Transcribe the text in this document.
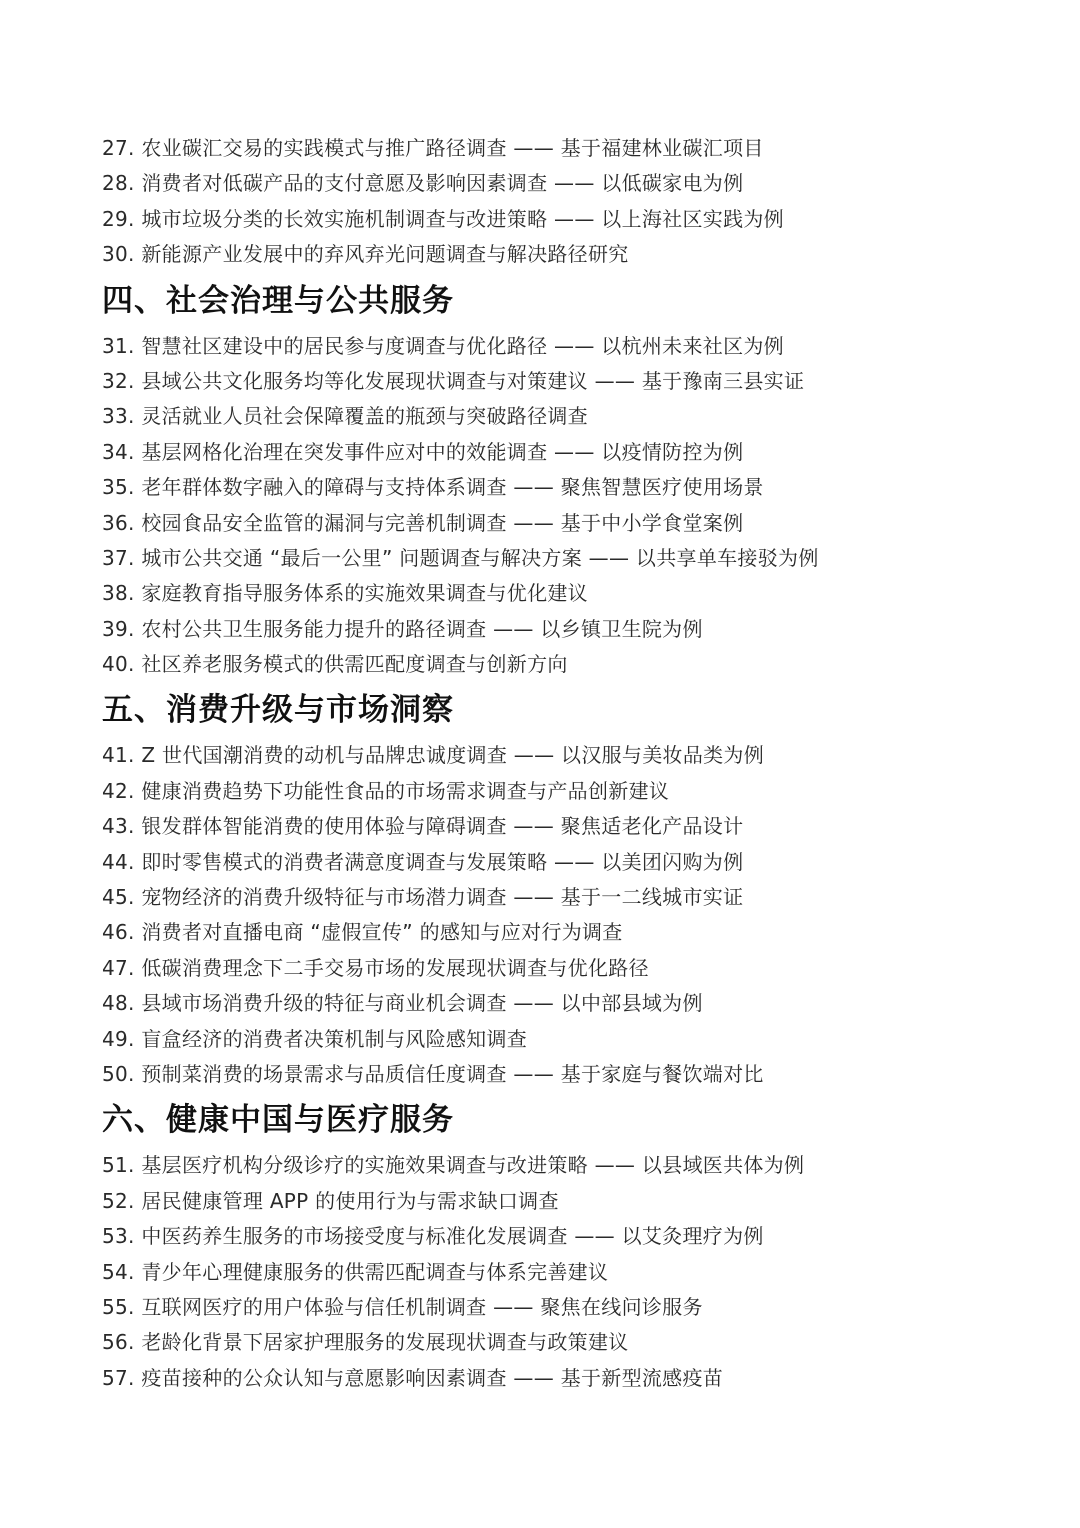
27. 农业碳汇交易的实践模式与推广路径调查 —— 基于福建林业碳汇项目
28. 消费者对低碳产品的支付意愿及影响因素调查 —— 以低碳家电为例
29. 城市垃圾分类的长效实施机制调查与改进策略 —— 以上海社区实践为例
30. 新能源产业发展中的弃风弃光问题调查与解决路径研究
四、社会治理与公共服务
31. 智慧社区建设中的居民参与度调查与优化路径 —— 以杭州未来社区为例
32. 县域公共文化服务均等化发展现状调查与对策建议 —— 基于豫南三县实证
33. 灵活就业人员社会保障覆盖的瓶颈与突破路径调查
34. 基层网格化治理在突发事件应对中的效能调查 —— 以疫情防控为例
35. 老年群体数字融入的障碍与支持体系调查 —— 聚焦智慧医疗使用场景
36. 校园食品安全监管的漏洞与完善机制调查 —— 基于中小学食堂案例
37. 城市公共交通 “最后一公里” 问题调查与解决方案 —— 以共享单车接驳为例
38. 家庭教育指导服务体系的实施效果调查与优化建议
39. 农村公共卫生服务能力提升的路径调查 —— 以乡镇卫生院为例
40. 社区养老服务模式的供需匹配度调查与创新方向
五、消费升级与市场洞察
41. Z 世代国潮消费的动机与品牌忠诚度调查 —— 以汉服与美妆品类为例
42. 健康消费趋势下功能性食品的市场需求调查与产品创新建议
43. 银发群体智能消费的使用体验与障碍调查 —— 聚焦适老化产品设计
44. 即时零售模式的消费者满意度调查与发展策略 —— 以美团闪购为例
45. 宠物经济的消费升级特征与市场潜力调查 —— 基于一二线城市实证
46. 消费者对直播电商 “虚假宣传” 的感知与应对行为调查
47. 低碳消费理念下二手交易市场的发展现状调查与优化路径
48. 县域市场消费升级的特征与商业机会调查 —— 以中部县域为例
49. 盲盒经济的消费者决策机制与风险感知调查
50. 预制菜消费的场景需求与品质信任度调查 —— 基于家庭与餐饮端对比
六、健康中国与医疗服务
51. 基层医疗机构分级诊疗的实施效果调查与改进策略 —— 以县域医共体为例
52. 居民健康管理 APP 的使用行为与需求缺口调查
53. 中医药养生服务的市场接受度与标准化发展调查 —— 以艾灸理疗为例
54. 青少年心理健康服务的供需匹配调查与体系完善建议
55. 互联网医疗的用户体验与信任机制调查 —— 聚焦在线问诊服务
56. 老龄化背景下居家护理服务的发展现状调查与政策建议
57. 疫苗接种的公众认知与意愿影响因素调查 —— 基于新型流感疫苗
